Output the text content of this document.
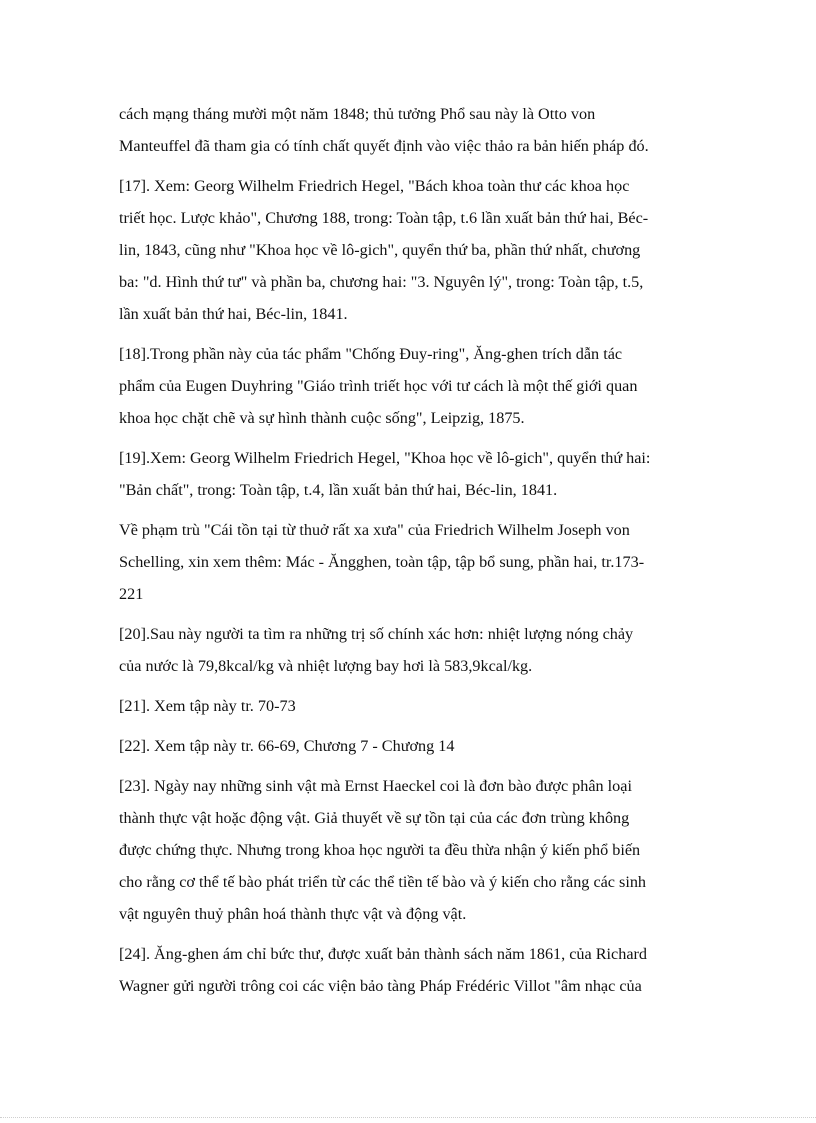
cách mạng tháng mười một năm 1848; thủ tưởng Phổ sau này là Otto von
Manteuffel đã tham gia có tính chất quyết định vào việc thảo ra bản hiến pháp đó.

[17]. Xem: Georg Wilhelm Friedrich Hegel, "Bách khoa toàn thư các khoa học
triết học. Lược khảo", Chương 188, trong: Toàn tập, t.6 lần xuất bản thứ hai, Béc-
lin, 1843, cũng như "Khoa học về lô-gich", quyển thứ ba, phần thứ nhất, chương
ba: "d. Hình thứ tư" và phần ba, chương hai: "3. Nguyên lý", trong: Toàn tập, t.5,
lần xuất bản thứ hai, Béc-lin, 1841.

[18].Trong phần này của tác phẩm "Chống Đuy-ring", Ăng-ghen trích dẫn tác
phẩm của Eugen Duyhring "Giáo trình triết học với tư cách là một thế giới quan
khoa học chặt chẽ và sự hình thành cuộc sống", Leipzig, 1875.

[19].Xem: Georg Wilhelm Friedrich Hegel, "Khoa học về lô-gich", quyển thứ hai:
"Bản chất", trong: Toàn tập, t.4, lần xuất bản thứ hai, Béc-lin, 1841.

Về phạm trù "Cái tồn tại từ thuở rất xa xưa" của Friedrich Wilhelm Joseph von
Schelling, xin xem thêm: Mác - Ăngghen, toàn tập, tập bổ sung, phần hai, tr.173-
221

[20].Sau này người ta tìm ra những trị số chính xác hơn: nhiệt lượng nóng chảy
của nước là 79,8kcal/kg và nhiệt lượng bay hơi là 583,9kcal/kg.

[21]. Xem tập này tr. 70-73

[22]. Xem tập này tr. 66-69, Chương 7 - Chương 14

[23]. Ngày nay những sinh vật mà Ernst Haeckel coi là đơn bào được phân loại
thành thực vật hoặc động vật. Giả thuyết về sự tồn tại của các đơn trùng không
được chứng thực. Nhưng trong khoa học người ta đều thừa nhận ý kiến phổ biến
cho rằng cơ thể tế bào phát triển từ các thể tiền tế bào và ý kiến cho rằng các sinh
vật nguyên thuỷ phân hoá thành thực vật và động vật.

[24]. Ăng-ghen ám chỉ bức thư, được xuất bản thành sách năm 1861, của Richard
Wagner gửi người trông coi các viện bảo tàng Pháp Frédéric Villot "âm nhạc của
